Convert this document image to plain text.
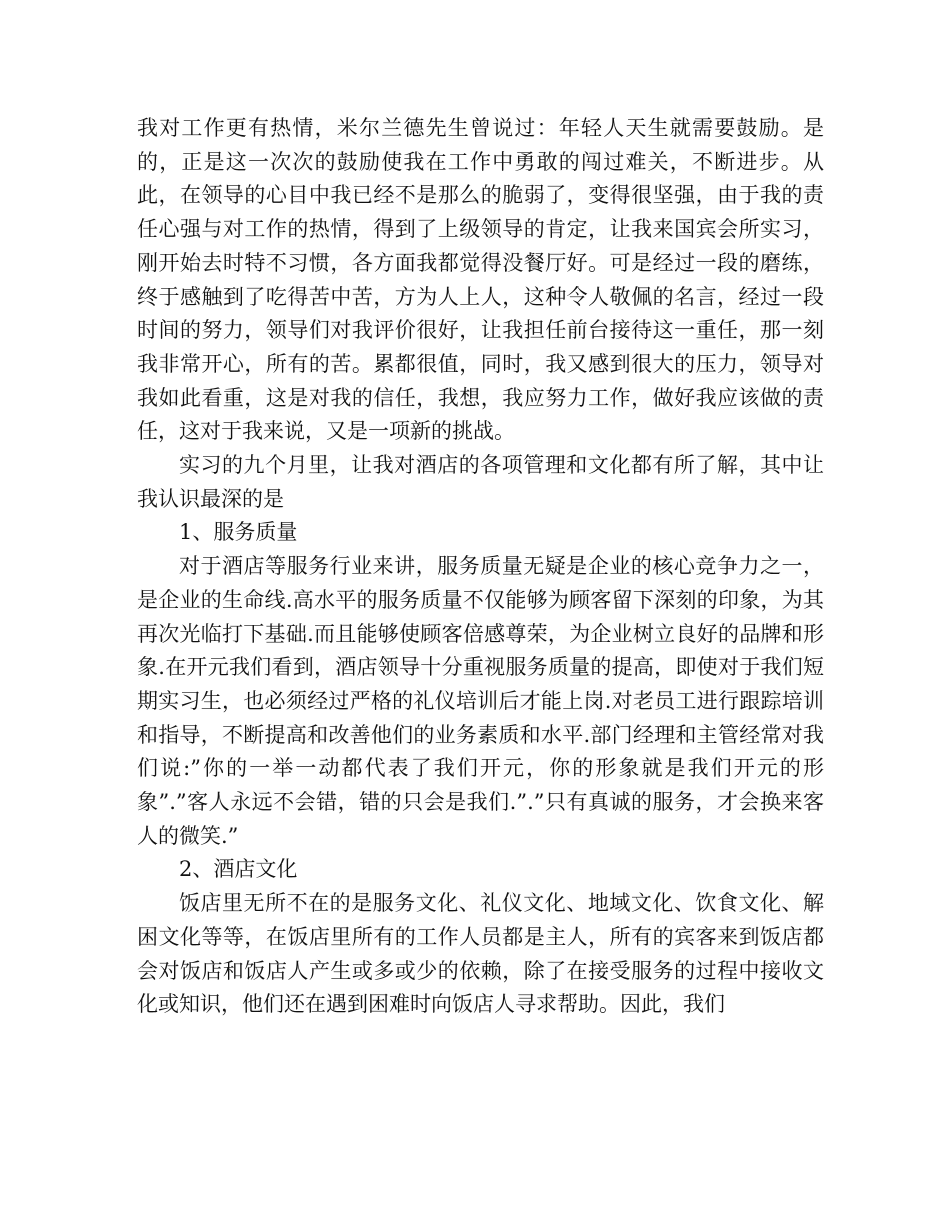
我对工作更有热情，米尔兰德先生曾说过：年轻人天生就需要鼓励。是的，正是这一次次的鼓励使我在工作中勇敢的闯过难关，不断进步。从此，在领导的心目中我已经不是那么的脆弱了，变得很坚强，由于我的责任心强与对工作的热情，得到了上级领导的肯定，让我来国宾会所实习，刚开始去时特不习惯，各方面我都觉得没餐厅好。可是经过一段的磨练，终于感触到了吃得苦中苦，方为人上人，这种令人敬佩的名言，经过一段时间的努力，领导们对我评价很好，让我担任前台接待这一重任，那一刻我非常开心，所有的苦。累都很值，同时，我又感到很大的压力，领导对我如此看重，这是对我的信任，我想，我应努力工作，做好我应该做的责任，这对于我来说，又是一项新的挑战。

实习的九个月里，让我对酒店的各项管理和文化都有所了解，其中让我认识最深的是

1、服务质量

对于酒店等服务行业来讲，服务质量无疑是企业的核心竞争力之一，是企业的生命线.高水平的服务质量不仅能够为顾客留下深刻的印象，为其再次光临打下基础.而且能够使顾客倍感尊荣，为企业树立良好的品牌和形象.在开元我们看到，酒店领导十分重视服务质量的提高，即使对于我们短期实习生，也必须经过严格的礼仪培训后才能上岗.对老员工进行跟踪培训和指导，不断提高和改善他们的业务素质和水平.部门经理和主管经常对我们说:”你的一举一动都代表了我们开元，你的形象就是我们开元的形象”.”客人永远不会错，错的只会是我们.”.”只有真诚的服务，才会换来客人的微笑.”

2、酒店文化

饭店里无所不在的是服务文化、礼仪文化、地域文化、饮食文化、解困文化等等，在饭店里所有的工作人员都是主人，所有的宾客来到饭店都会对饭店和饭店人产生或多或少的依赖，除了在接受服务的过程中接收文化或知识，他们还在遇到困难时向饭店人寻求帮助。因此，我们
